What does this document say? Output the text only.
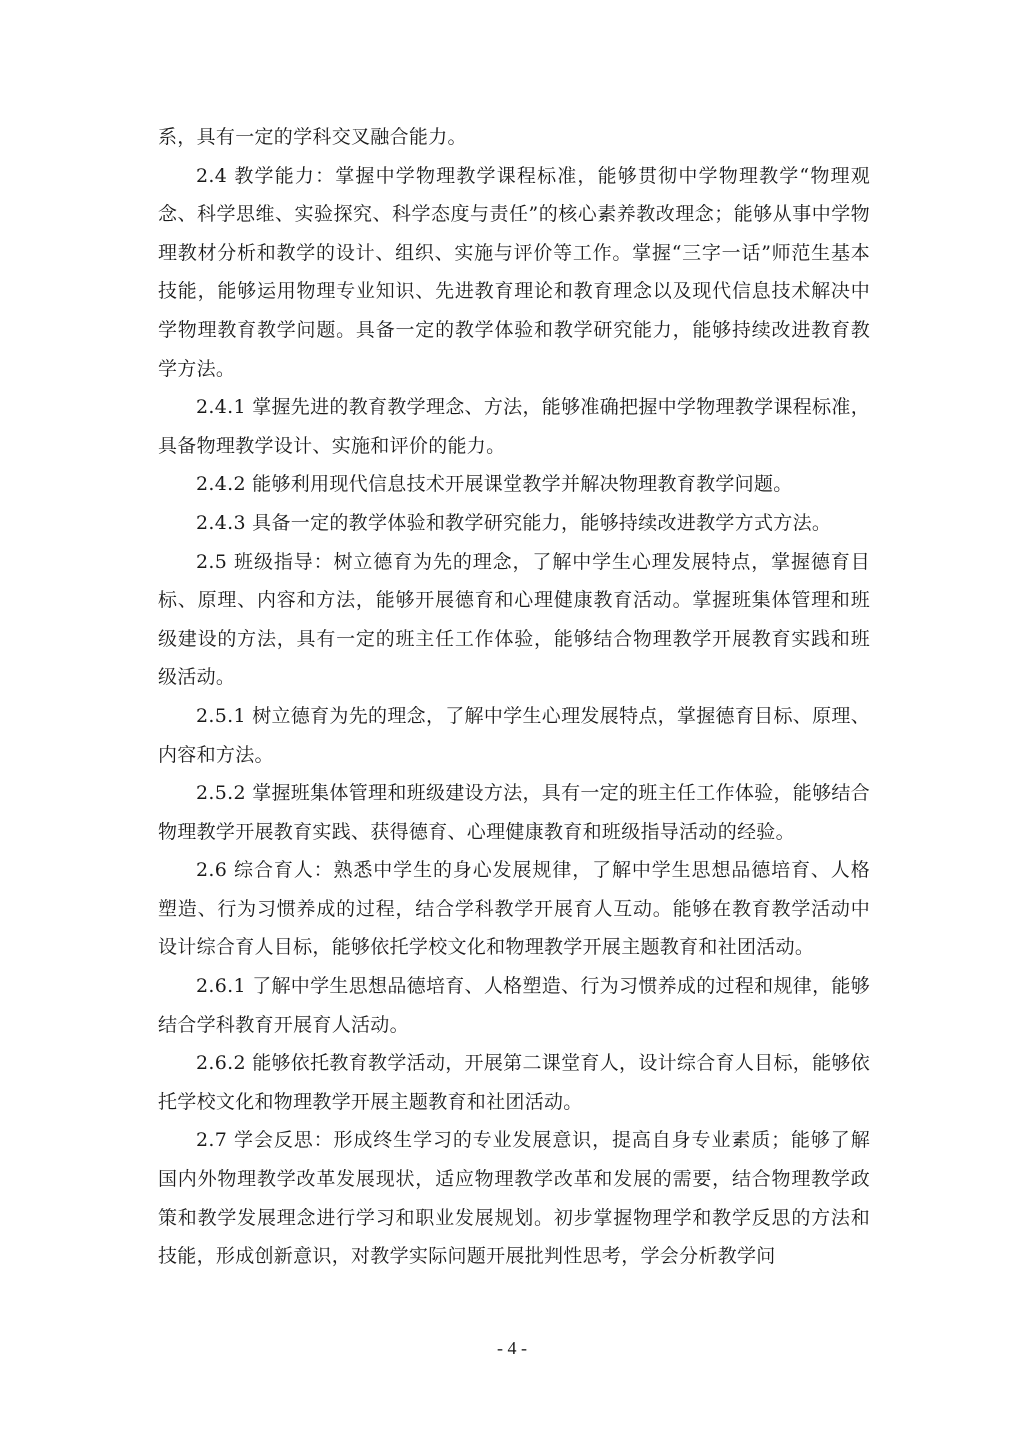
系，具有一定的学科交叉融合能力。

2.4 教学能力：掌握中学物理教学课程标准，能够贯彻中学物理教学“物理观念、科学思维、实验探究、科学态度与责任”的核心素养教改理念；能够从事中学物理教材分析和教学的设计、组织、实施与评价等工作。掌握“三字一话”师范生基本技能，能够运用物理专业知识、先进教育理论和教育理念以及现代信息技术解决中学物理教育教学问题。具备一定的教学体验和教学研究能力，能够持续改进教育教学方法。

2.4.1 掌握先进的教育教学理念、方法，能够准确把握中学物理教学课程标准，具备物理教学设计、实施和评价的能力。

2.4.2 能够利用现代信息技术开展课堂教学并解决物理教育教学问题。

2.4.3 具备一定的教学体验和教学研究能力，能够持续改进教学方式方法。

2.5 班级指导：树立德育为先的理念，了解中学生心理发展特点，掌握德育目标、原理、内容和方法，能够开展德育和心理健康教育活动。掌握班集体管理和班级建设的方法，具有一定的班主任工作体验，能够结合物理教学开展教育实践和班级活动。

2.5.1 树立德育为先的理念，了解中学生心理发展特点，掌握德育目标、原理、内容和方法。

2.5.2 掌握班集体管理和班级建设方法，具有一定的班主任工作体验，能够结合物理教学开展教育实践、获得德育、心理健康教育和班级指导活动的经验。

2.6 综合育人：熟悉中学生的身心发展规律，了解中学生思想品德培育、人格塑造、行为习惯养成的过程，结合学科教学开展育人互动。能够在教育教学活动中设计综合育人目标，能够依托学校文化和物理教学开展主题教育和社团活动。

2.6.1 了解中学生思想品德培育、人格塑造、行为习惯养成的过程和规律，能够结合学科教育开展育人活动。

2.6.2 能够依托教育教学活动，开展第二课堂育人，设计综合育人目标，能够依托学校文化和物理教学开展主题教育和社团活动。

2.7 学会反思：形成终生学习的专业发展意识，提高自身专业素质；能够了解国内外物理教学改革发展现状，适应物理教学改革和发展的需要，结合物理教学政策和教学发展理念进行学习和职业发展规划。初步掌握物理学和教学反思的方法和技能，形成创新意识，对教学实际问题开展批判性思考，学会分析教学问

- 4 -
